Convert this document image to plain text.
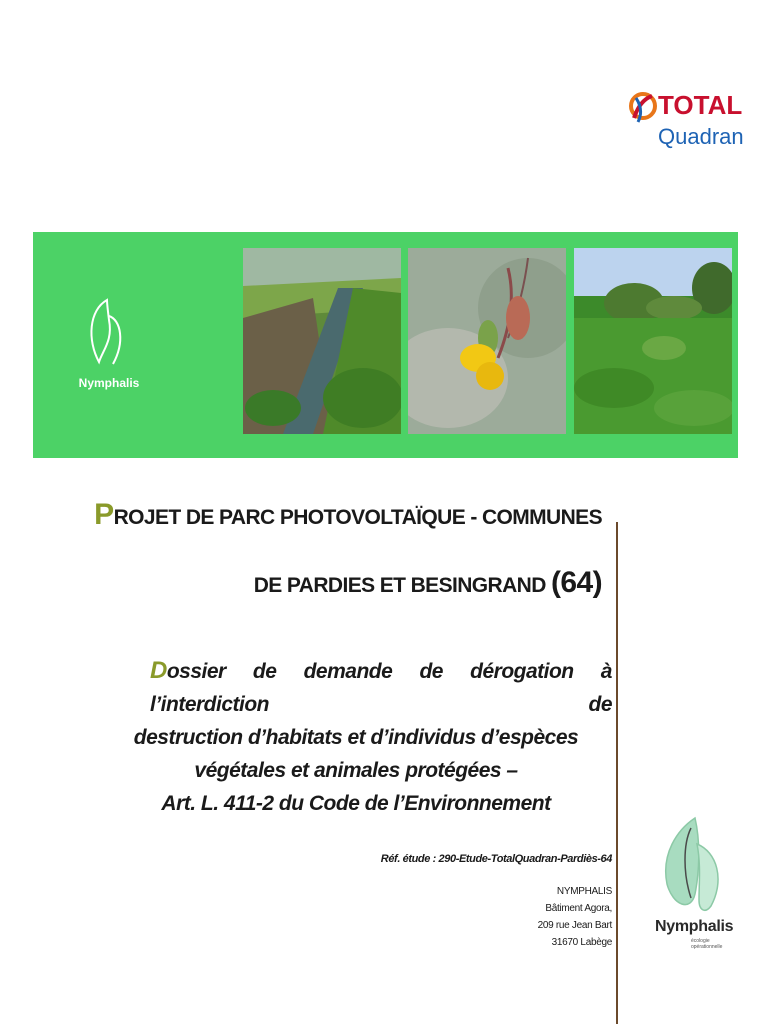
TOTAL
Quadran
Nymphalis
PROJET DE PARC PHOTOVOLTAÏQUE - COMMUNES
DE PARDIES ET BESINGRAND (64)
Dossier de demande de dérogation à l’interdiction de
destruction d’habitats et d’individus d’espèces
végétales et animales protégées –
Art. L. 411-2 du Code de l’Environnement
Réf. étude : 290-Etude-TotalQuadran-Pardiès-64
NYMPHALIS
Bâtiment Agora,
209 rue Jean Bart
31670 Labège
Nymphalis
écologie opérationnelle
